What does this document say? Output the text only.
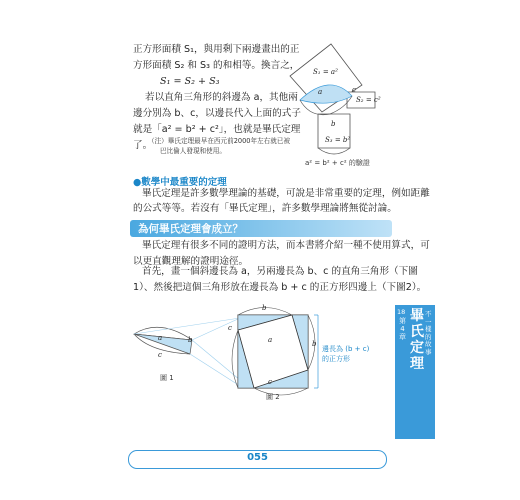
正方形面積 S₁，與用剩下兩邊畫出的正
方形面積 S₂ 和 S₃ 的和相等。換言之，
S₁ = S₂ + S₃
若以直角三角形的斜邊為 a，其他兩
邊分別為 b、c，以邊長代入上面的式子
就是「a² = b² + c²」，也就是畢氏定理
了。
（注）畢氏定理最早在西元前2000年左右就已被
巴比倫人發現和使用。
S₁ = a²
S₂ = c²
S₃ = b²
a
b
c
a² = b² + c² 的驗證
●數學中最重要的定理
畢氏定理是許多數學理論的基礎，可說是非常重要的定理，例如距離
的公式等等。若沒有「畢氏定理」，許多數學理論將無從討論。
為何畢氏定理會成立？
畢氏定理有很多不同的證明方法，而本書將介紹一種不使用算式，可
以更直觀理解的證明途徑。
首先，畫一個斜邊長為 a，另兩邊長為 b、c 的直角三角形（下圖
1）、然後把這個三角形放在邊長為 b + c 的正方形四邊上（下圖2）。
a	b
c
b
c
a	b
c
邊長為 (b + c)
的正方形
圖 1
圖 2
18
第4章
畢氏定理
不一樣的故事
055
